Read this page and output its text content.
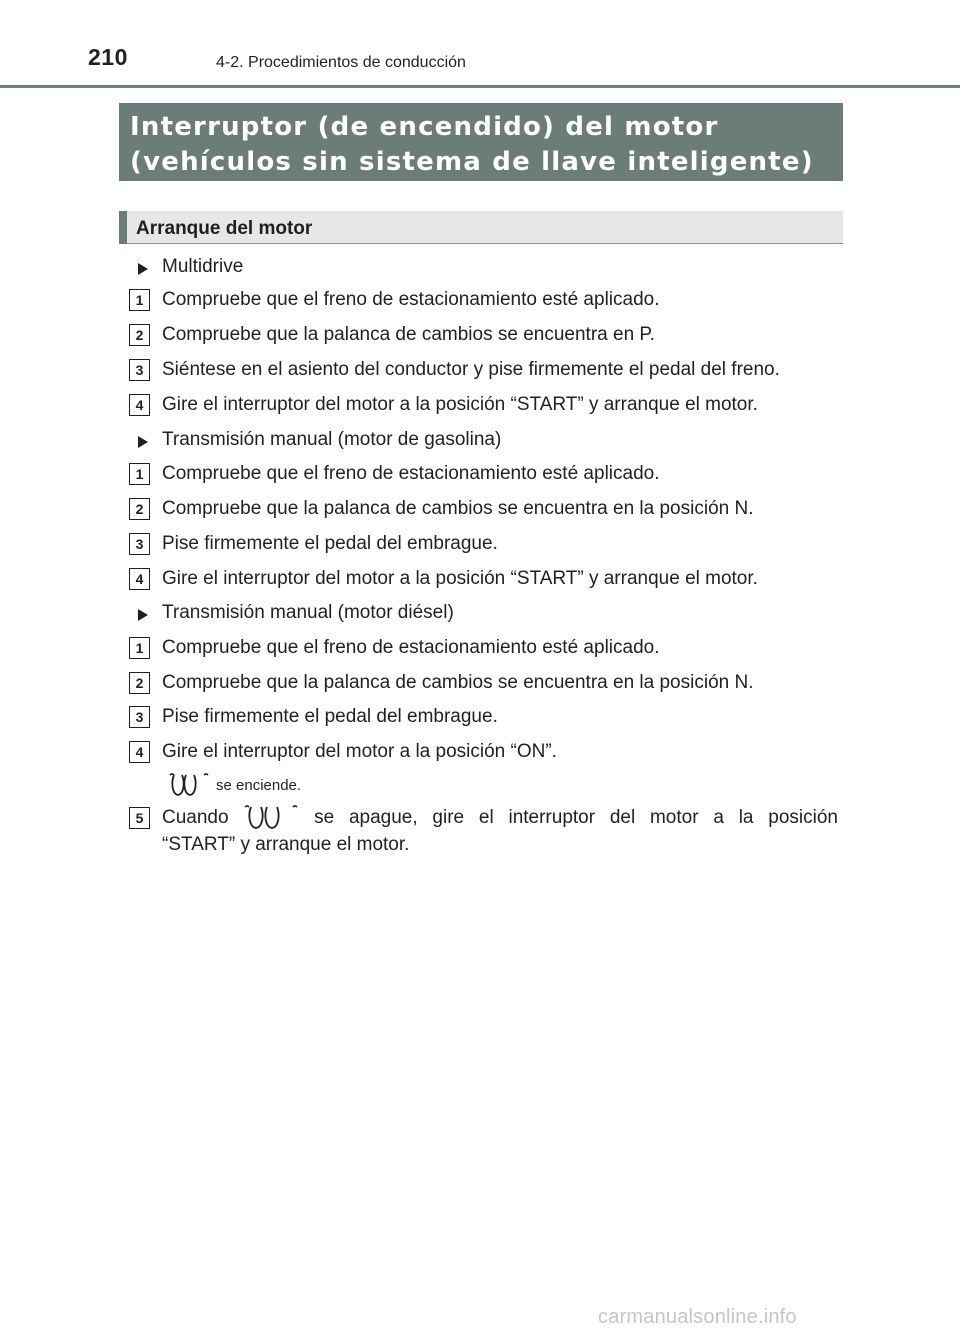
210	4-2. Procedimientos de conducción
Interruptor (de encendido) del motor
(vehículos sin sistema de llave inteligente)
Arranque del motor
Multidrive
1 Compruebe que el freno de estacionamiento esté aplicado.
2 Compruebe que la palanca de cambios se encuentra en P.
3 Siéntese en el asiento del conductor y pise firmemente el pedal del freno.
4 Gire el interruptor del motor a la posición “START” y arranque el motor.
Transmisión manual (motor de gasolina)
1 Compruebe que el freno de estacionamiento esté aplicado.
2 Compruebe que la palanca de cambios se encuentra en la posición N.
3 Pise firmemente el pedal del embrague.
4 Gire el interruptor del motor a la posición “START” y arranque el motor.
Transmisión manual (motor diésel)
1 Compruebe que el freno de estacionamiento esté aplicado.
2 Compruebe que la palanca de cambios se encuentra en la posición N.
3 Pise firmemente el pedal del embrague.
4 Gire el interruptor del motor a la posición “ON”.
se enciende.
5 Cuando	se apague, gire el interruptor del motor a la posición
“START” y arranque el motor.
carmanualsonline.info
